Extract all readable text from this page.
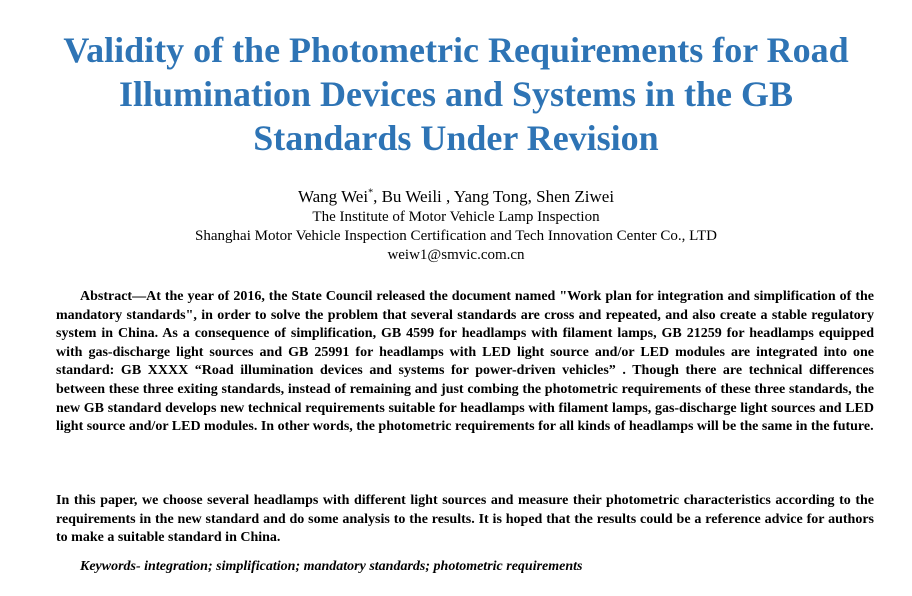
Validity of the Photometric Requirements for Road Illumination Devices and Systems in the GB Standards Under Revision
Wang Wei*, Bu Weili , Yang Tong, Shen Ziwei
The Institute of Motor Vehicle Lamp Inspection
Shanghai Motor Vehicle Inspection Certification and Tech Innovation Center Co., LTD
weiw1@smvic.com.cn

Abstract—At the year of 2016, the State Council released the document named "Work plan for integration and simplification of the mandatory standards", in order to solve the problem that several standards are cross and repeated, and also create a stable regulatory system in China. As a consequence of simplification, GB 4599 for headlamps with filament lamps, GB 21259 for headlamps equipped with gas-discharge light sources and GB 25991 for headlamps with LED light source and/or LED modules are integrated into one standard: GB XXXX “Road illumination devices and systems for power-driven vehicles” . Though there are technical differences between these three exiting standards, instead of remaining and just combing the photometric requirements of these three standards, the new GB standard develops new technical requirements suitable for headlamps with filament lamps, gas-discharge light sources and LED light source and/or LED modules. In other words, the photometric requirements for all kinds of headlamps will be the same in the future.

In this paper, we choose several headlamps with different light sources and measure their photometric characteristics according to the requirements in the new standard and do some analysis to the results. It is hoped that the results could be a reference advice for authors to make a suitable standard in China.

Keywords- integration; simplification; mandatory standards; photometric requirements
